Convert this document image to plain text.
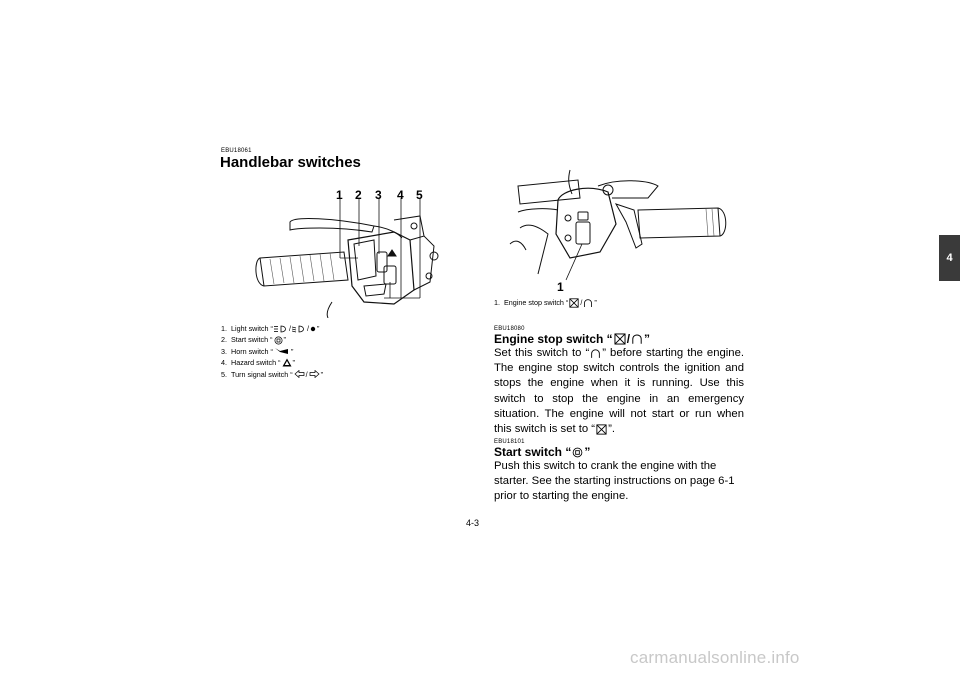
4
EBU18061
Handlebar switches
1 2 3 4 5
1. Light switch “ / / ”
2. Start switch “ ”
3. Horn switch “	”
4. Hazard switch “ ”
5. Turn signal switch “ / ”
1
1. Engine stop switch “ / ”
EBU18080
Engine stop switch “ / ”
Set this switch to “ ” before starting the engine. The engine stop switch controls the ignition and stops the engine when it is running. Use this switch to stop the engine in an emergency situation. The engine will not start or run when this switch is set to “ ”.
EBU18101
Start switch “ ”
Push this switch to crank the engine with the starter. See the starting instructions on page 6-1 prior to starting the engine.
4-3
carmanualsonline.info
